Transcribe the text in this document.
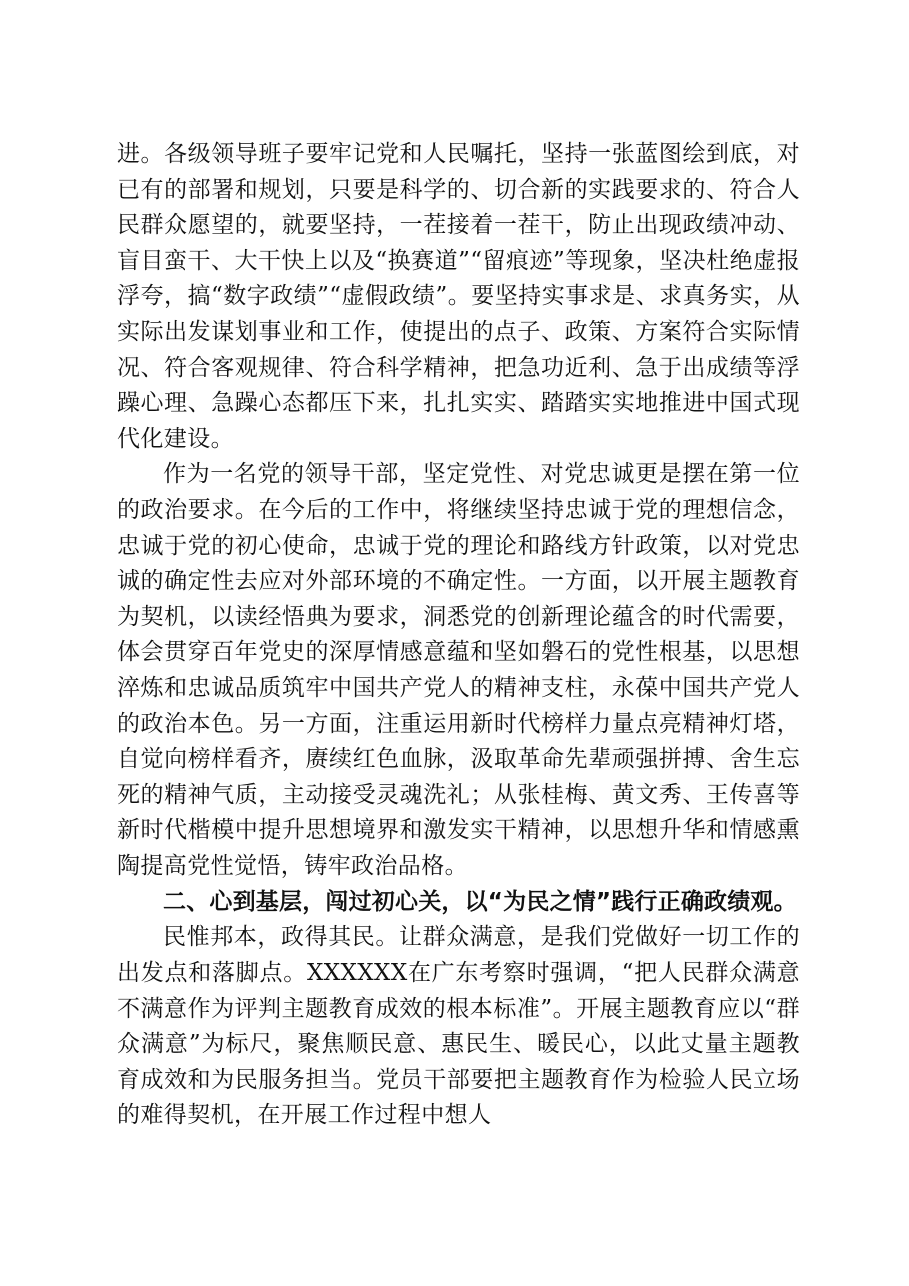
进。各级领导班子要牢记党和人民嘱托，坚持一张蓝图绘到底，对已有的部署和规划，只要是科学的、切合新的实践要求的、符合人民群众愿望的，就要坚持，一茬接着一茬干，防止出现政绩冲动、盲目蛮干、大干快上以及“换赛道”“留痕迹”等现象，坚决杜绝虚报浮夸，搞“数字政绩”“虚假政绩”。要坚持实事求是、求真务实，从实际出发谋划事业和工作，使提出的点子、政策、方案符合实际情况、符合客观规律、符合科学精神，把急功近利、急于出成绩等浮躁心理、急躁心态都压下来，扎扎实实、踏踏实实地推进中国式现代化建设。

作为一名党的领导干部，坚定党性、对党忠诚更是摆在第一位的政治要求。在今后的工作中，将继续坚持忠诚于党的理想信念，忠诚于党的初心使命，忠诚于党的理论和路线方针政策，以对党忠诚的确定性去应对外部环境的不确定性。一方面，以开展主题教育为契机，以读经悟典为要求，洞悉党的创新理论蕴含的时代需要，体会贯穿百年党史的深厚情感意蕴和坚如磐石的党性根基，以思想淬炼和忠诚品质筑牢中国共产党人的精神支柱，永葆中国共产党人的政治本色。另一方面，注重运用新时代榜样力量点亮精神灯塔，自觉向榜样看齐，赓续红色血脉，汲取革命先辈顽强拼搏、舍生忘死的精神气质，主动接受灵魂洗礼；从张桂梅、黄文秀、王传喜等新时代楷模中提升思想境界和激发实干精神，以思想升华和情感熏陶提高党性觉悟，铸牢政治品格。

二、心到基层，闯过初心关，以“为民之情”践行正确政绩观。

民惟邦本，政得其民。让群众满意，是我们党做好一切工作的出发点和落脚点。XXXXXX在广东考察时强调，“把人民群众满意不满意作为评判主题教育成效的根本标准”。开展主题教育应以“群众满意”为标尺，聚焦顺民意、惠民生、暖民心，以此丈量主题教育成效和为民服务担当。党员干部要把主题教育作为检验人民立场的难得契机，在开展工作过程中想人
